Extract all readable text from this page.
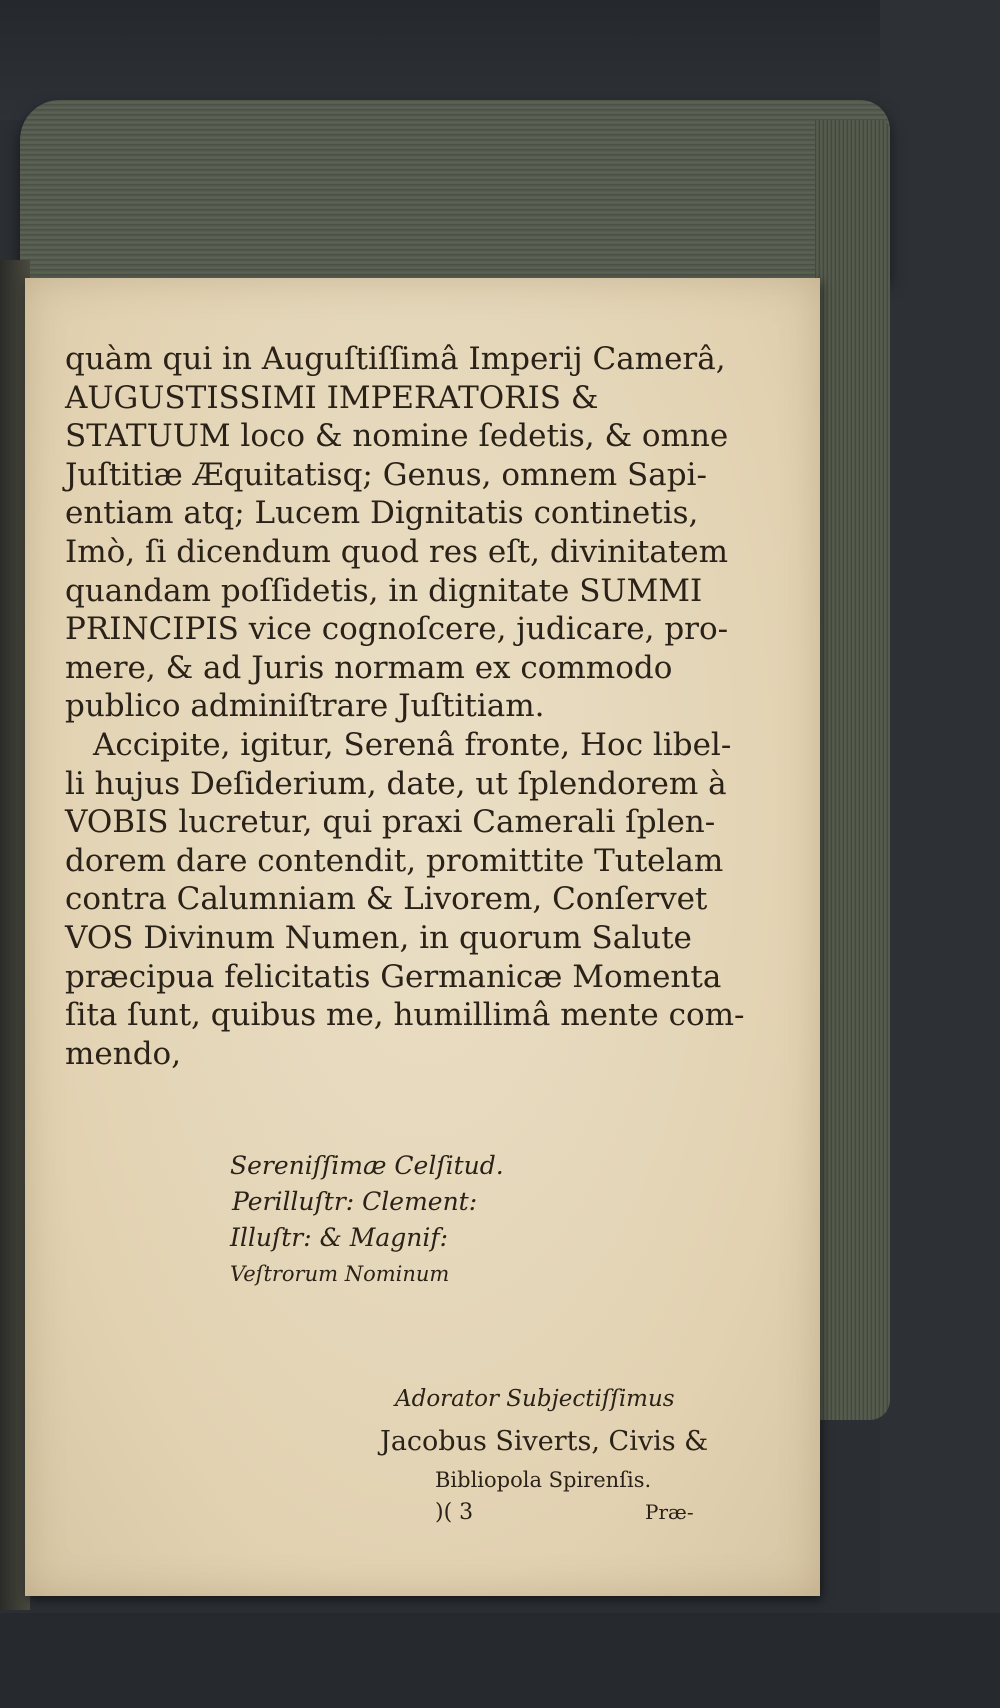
quàm qui in Auguſtiſſimâ Imperij Camerâ,
AUGUSTISSIMI IMPERATORIS &
STATUUM loco & nomine ſedetis, & omne
Juſtitiæ Æquitatisq; Genus, omnem Sapi-
entiam atq; Lucem Dignitatis continetis,
Imò, ſi dicendum quod res eſt, divinitatem
quandam poſſidetis, in dignitate SUMMI
PRINCIPIS vice cognoſcere, judicare, pro-
mere, & ad Juris normam ex commodo
publico adminiſtrare Juſtitiam.
Accipite, igitur, Serenâ fronte, Hoc libel-
li hujus Deſiderium, date, ut ſplendorem à
VOBIS lucretur, qui praxi Camerali ſplen-
dorem dare contendit, promittite Tutelam
contra Calumniam & Livorem, Conſervet
VOS Divinum Numen, in quorum Salute
præcipua felicitatis Germanicæ Momenta
ſita ſunt, quibus me, humillimâ mente com-
mendo,
Sereniſſimæ Celſitud.
Perilluſtr: Clement:
Illuſtr: & Magnif:
Veſtrorum Nominum
Adorator Subjectiſſimus
Jacobus Siverts, Civis &
Bibliopola Spirenſis.
)( 3	Præ-
